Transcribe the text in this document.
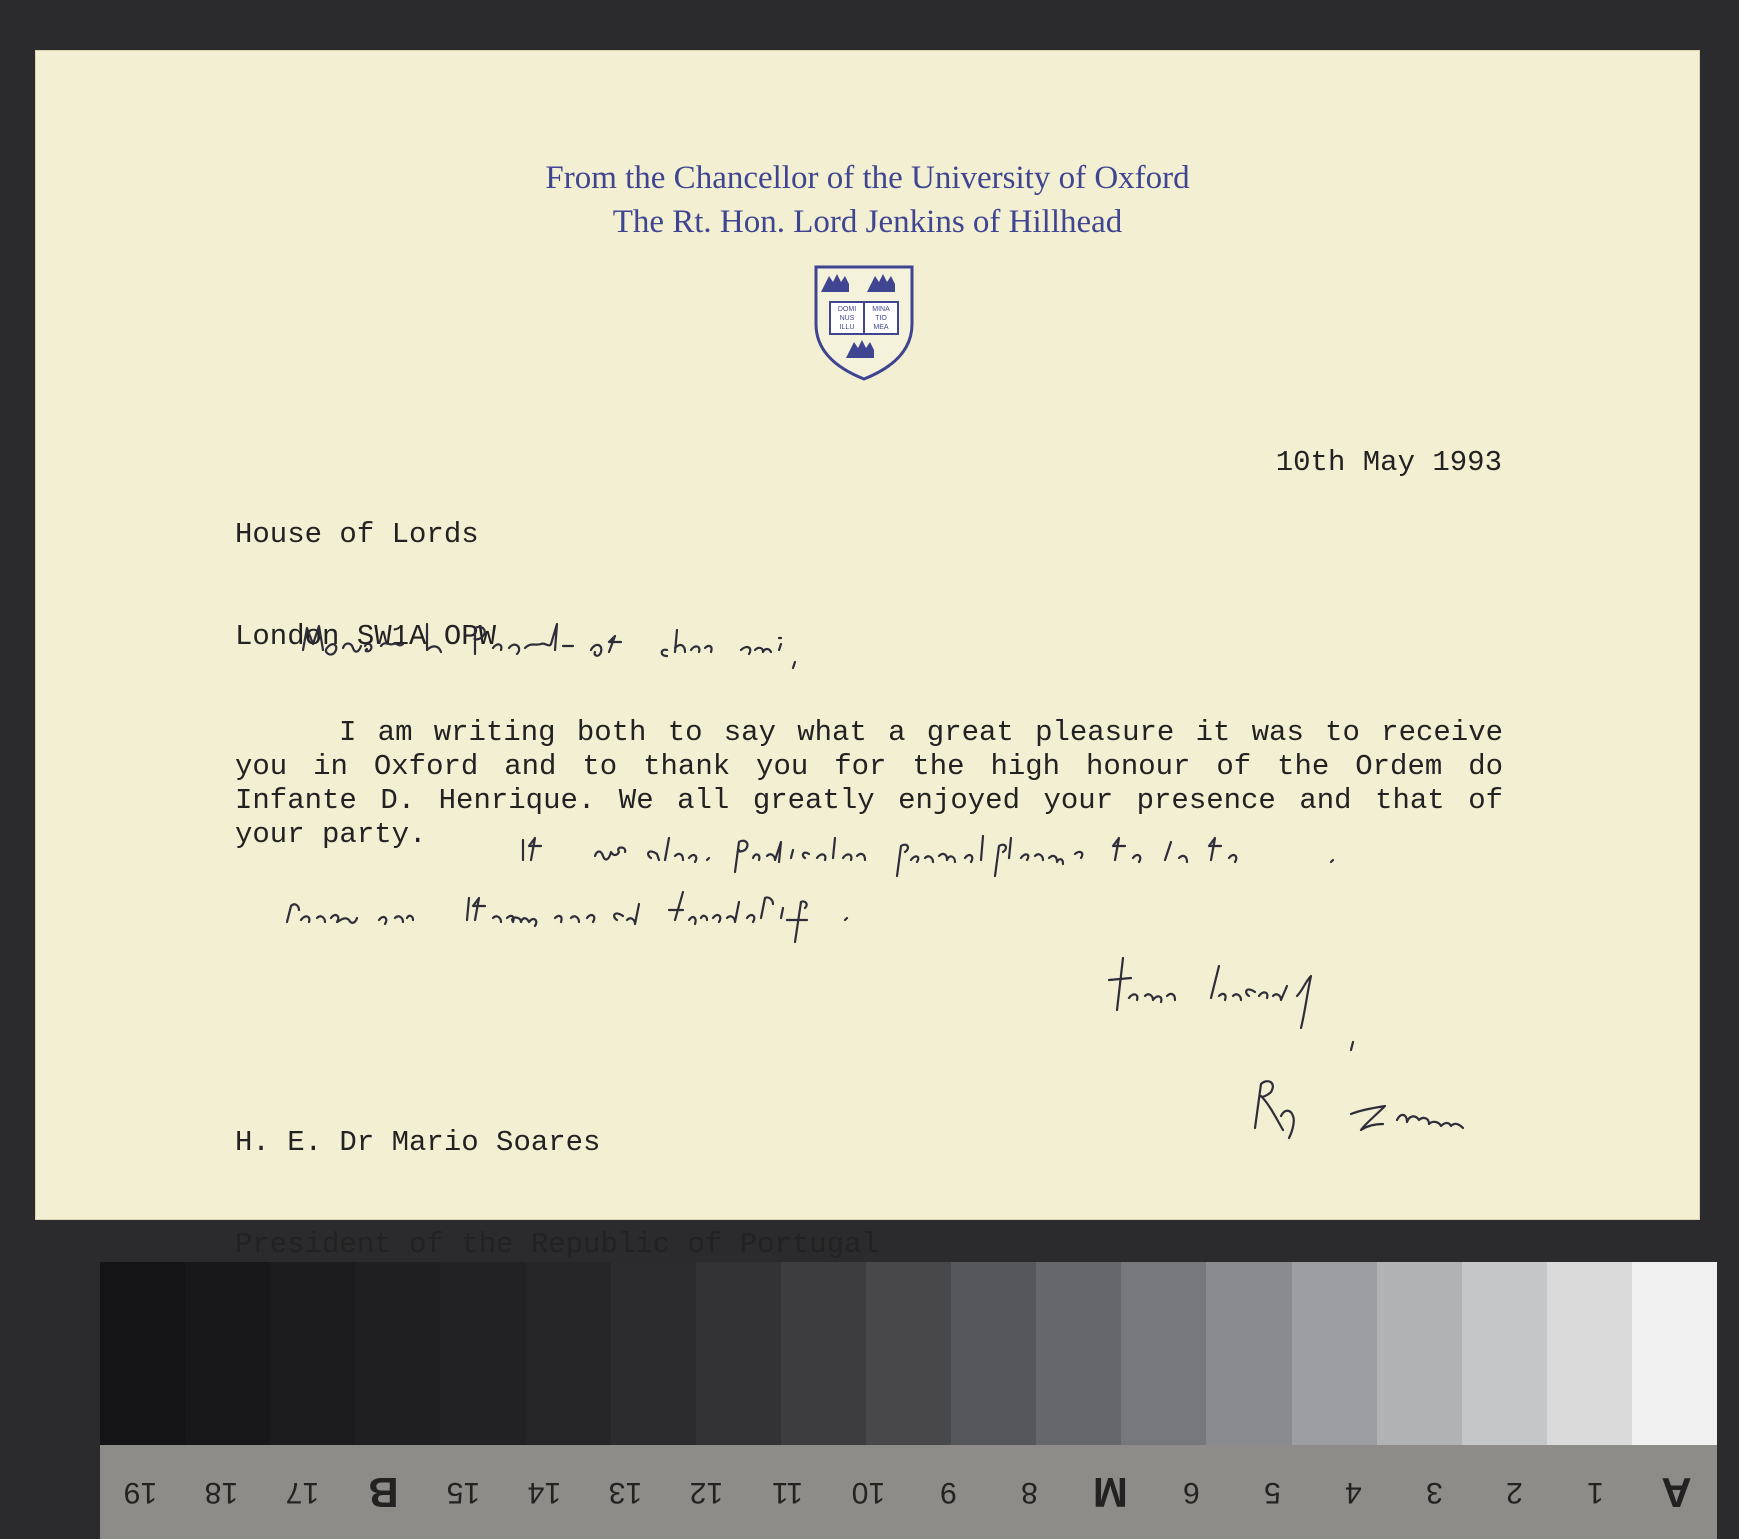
From the Chancellor of the University of Oxford
The Rt. Hon. Lord Jenkins of Hillhead
DOMI
NUS
ILLU
MINA
TIO
MEA

House of Lords

London SW1A OPW

10th May 1993

I am writing both to say what a great pleasure it was to receive you in Oxford and to thank you for the high honour of the Ordem do Infante D. Henrique. We all greatly enjoyed your presence and that of your party.

H. E. Dr Mario Soares

President of the Republic of Portugal

19	18	17	B	15	14	13	12	11	10	9	8	M	6	5	4	3	2	1	A
